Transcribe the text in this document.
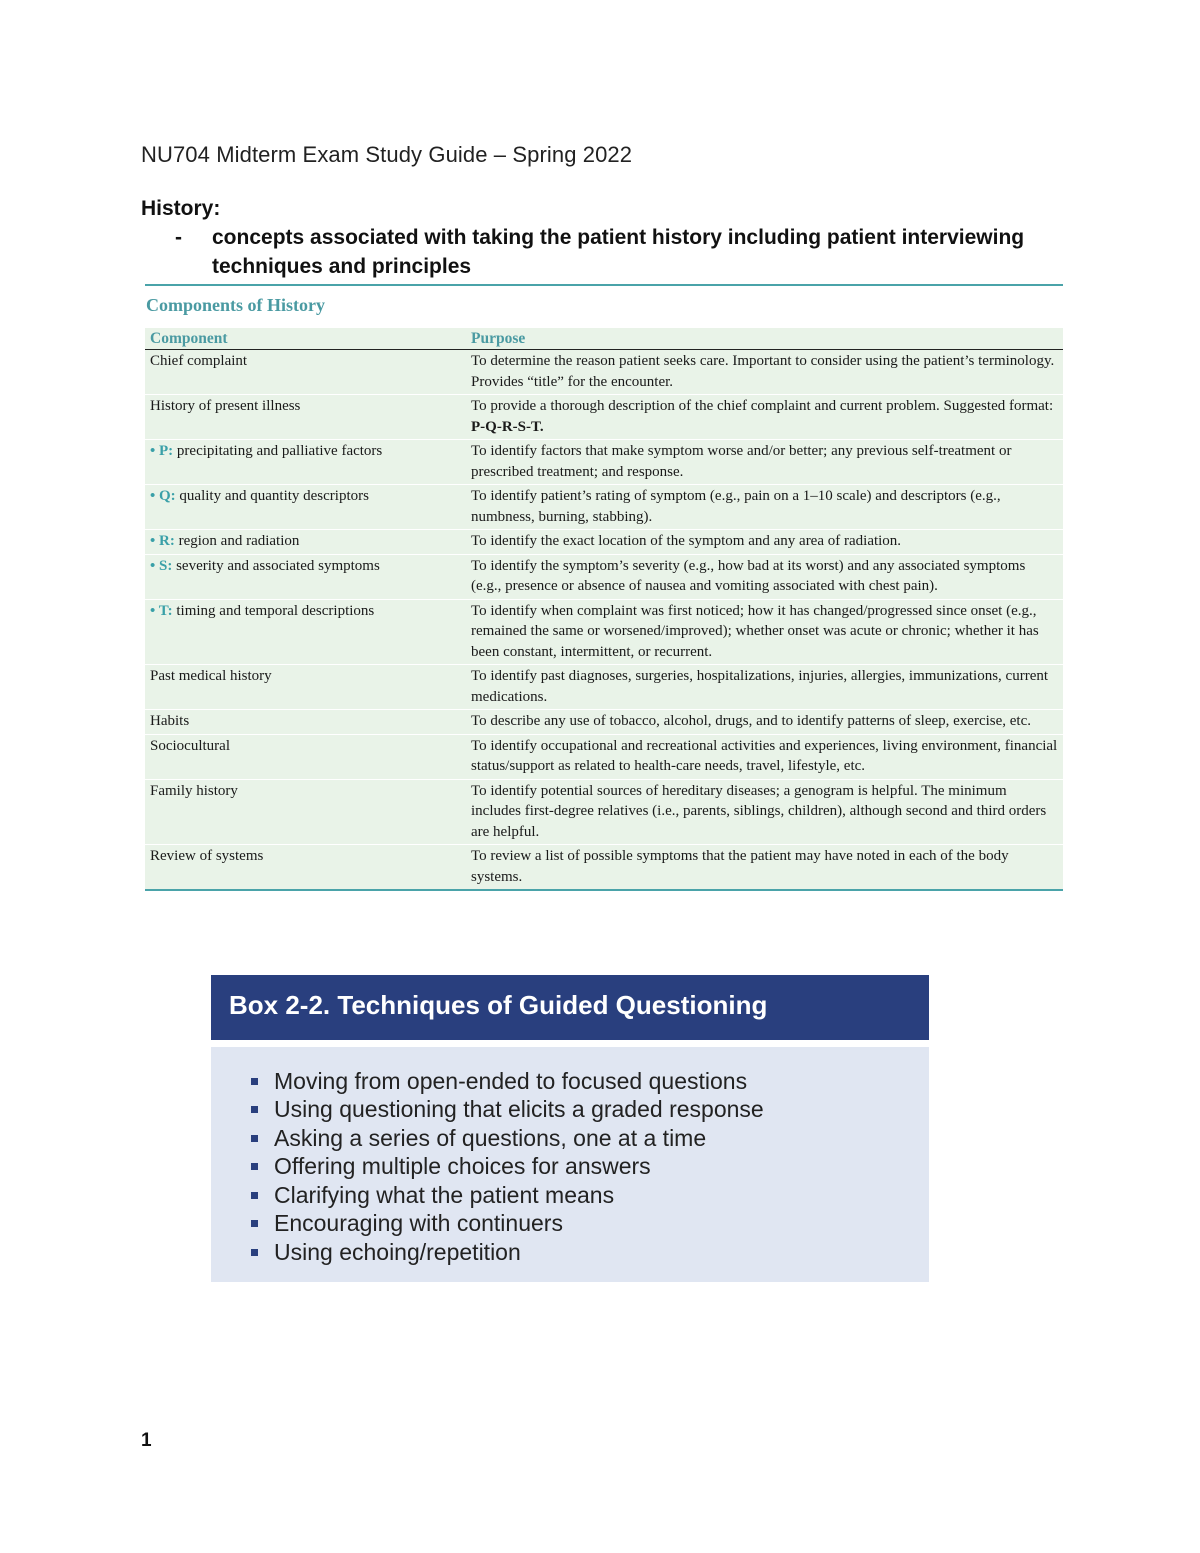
NU704 Midterm Exam Study Guide – Spring 2022
History:
-	concepts associated with taking the patient history including patient interviewing techniques and principles
Components of History
Component	Purpose
Chief complaint	To determine the reason patient seeks care. Important to consider using the patient’s terminology. Provides “title” for the encounter.
History of present illness	To provide a thorough description of the chief complaint and current problem. Suggested format: P-Q-R-S-T.
• P: precipitating and palliative factors	To identify factors that make symptom worse and/or better; any previous self-treatment or prescribed treatment; and response.
• Q: quality and quantity descriptors	To identify patient’s rating of symptom (e.g., pain on a 1–10 scale) and descriptors (e.g., numbness, burning, stabbing).
• R: region and radiation	To identify the exact location of the symptom and any area of radiation.
• S: severity and associated symptoms	To identify the symptom’s severity (e.g., how bad at its worst) and any associated symptoms (e.g., presence or absence of nausea and vomiting associated with chest pain).
• T: timing and temporal descriptions	To identify when complaint was first noticed; how it has changed/progressed since onset (e.g., remained the same or worsened/improved); whether onset was acute or chronic; whether it has been constant, intermittent, or recurrent.
Past medical history	To identify past diagnoses, surgeries, hospitalizations, injuries, allergies, immunizations, current medications.
Habits	To describe any use of tobacco, alcohol, drugs, and to identify patterns of sleep, exercise, etc.
Sociocultural	To identify occupational and recreational activities and experiences, living environment, financial status/support as related to health-care needs, travel, lifestyle, etc.
Family history	To identify potential sources of hereditary diseases; a genogram is helpful. The minimum includes first-degree relatives (i.e., parents, siblings, children), although second and third orders are helpful.
Review of systems	To review a list of possible symptoms that the patient may have noted in each of the body systems.
Box 2-2. Techniques of Guided Questioning
Moving from open-ended to focused questions
Using questioning that elicits a graded response
Asking a series of questions, one at a time
Offering multiple choices for answers
Clarifying what the patient means
Encouraging with continuers
Using echoing/repetition
1
